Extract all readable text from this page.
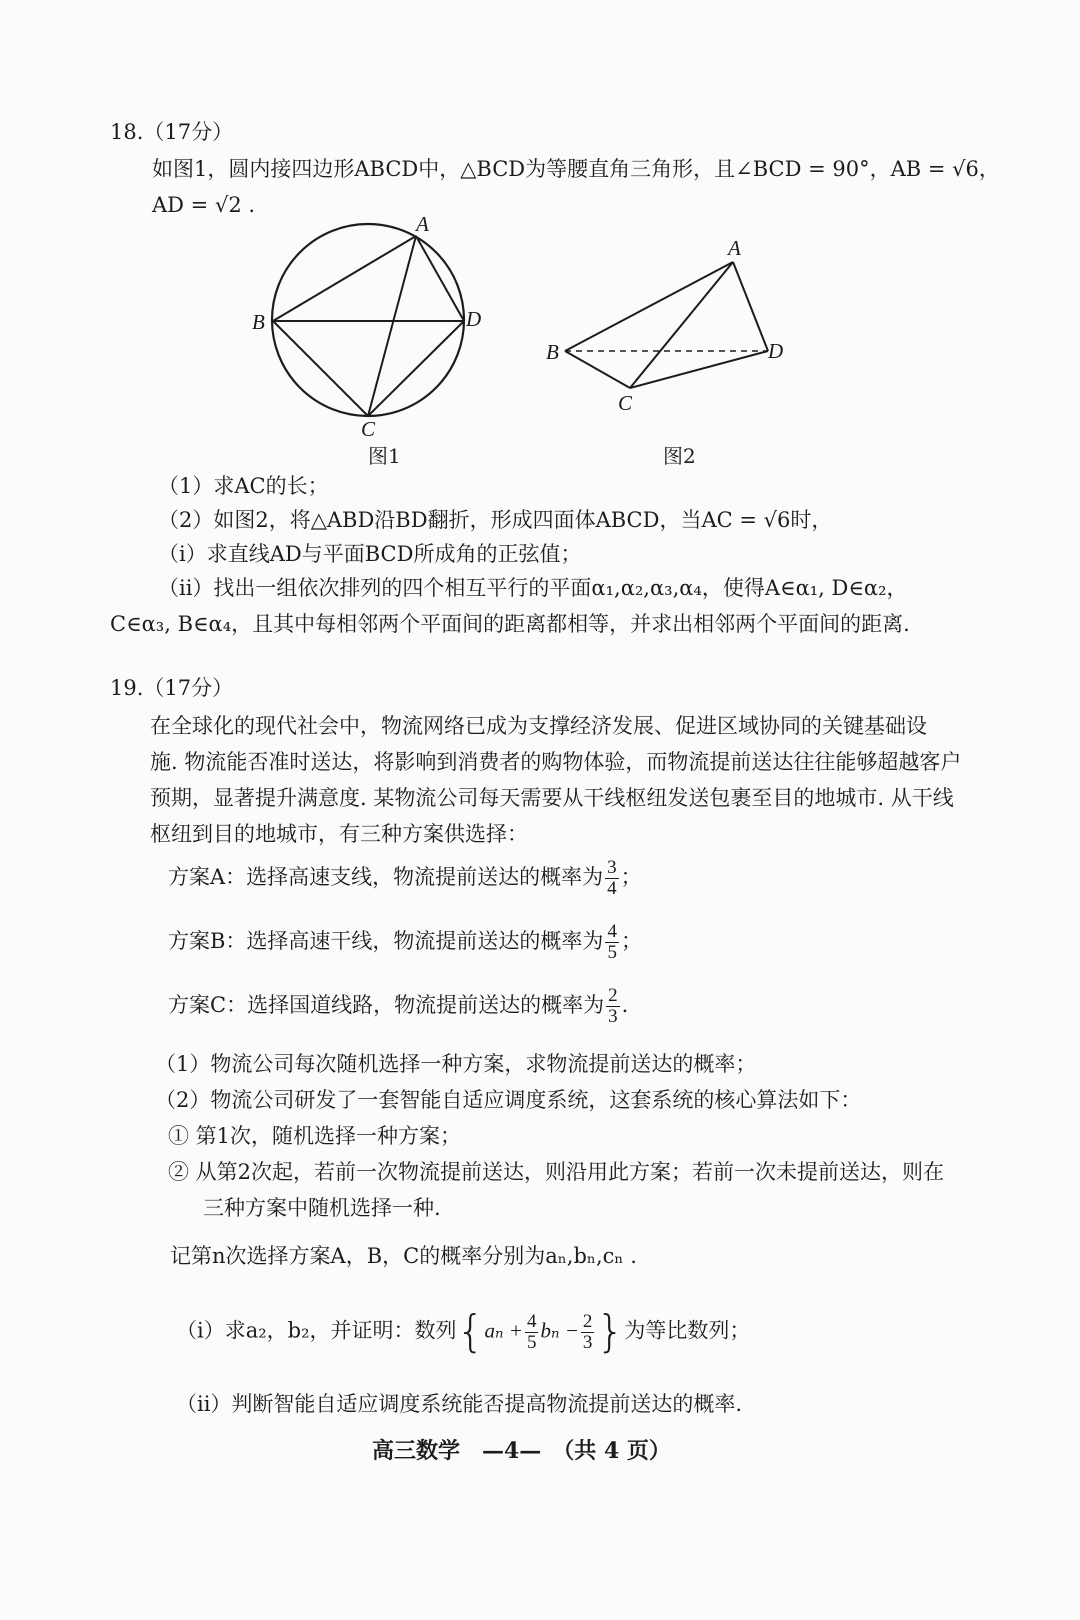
18.（17分）
如图1，圆内接四边形ABCD中，△BCD为等腰直角三角形，且∠BCD = 90°，AB = √6，
AD = √2 .
A
B	D
C
图1
A
B	D
C
图2
（1）求AC的长；
（2）如图2，将△ABD沿BD翻折，形成四面体ABCD，当AC = √6时，
（i）求直线AD与平面BCD所成角的正弦值；
（ii）找出一组依次排列的四个相互平行的平面α₁,α₂,α₃,α₄，使得A∈α₁, D∈α₂，
C∈α₃, B∈α₄，且其中每相邻两个平面间的距离都相等，并求出相邻两个平面间的距离.
19.（17分）
在全球化的现代社会中，物流网络已成为支撑经济发展、促进区域协同的关键基础设
施. 物流能否准时送达，将影响到消费者的购物体验，而物流提前送达往往能够超越客户
预期，显著提升满意度. 某物流公司每天需要从干线枢纽发送包裹至目的地城市. 从干线
枢纽到目的地城市，有三种方案供选择：
方案A：选择高速支线，物流提前送达的概率为 $\frac{3}{4}$ ；
方案B：选择高速干线，物流提前送达的概率为 $\frac{4}{5}$ ；
方案C：选择国道线路，物流提前送达的概率为 $\frac{2}{3}$ .
（1）物流公司每次随机选择一种方案，求物流提前送达的概率；
（2）物流公司研发了一套智能自适应调度系统，这套系统的核心算法如下：
① 第1次，随机选择一种方案；
② 从第2次起，若前一次物流提前送达，则沿用此方案；若前一次未提前送达，则在
三种方案中随机选择一种.
记第n次选择方案A，B，C的概率分别为aₙ,bₙ,cₙ .
（i）求a₂，b₂，并证明：数列{$a_n + \frac{4}{5}$ $b_n - \frac{2}{3}$ }为等比数列；
（ii）判断智能自适应调度系统能否提高物流提前送达的概率.
高三数学　—4—　（共 4 页）
